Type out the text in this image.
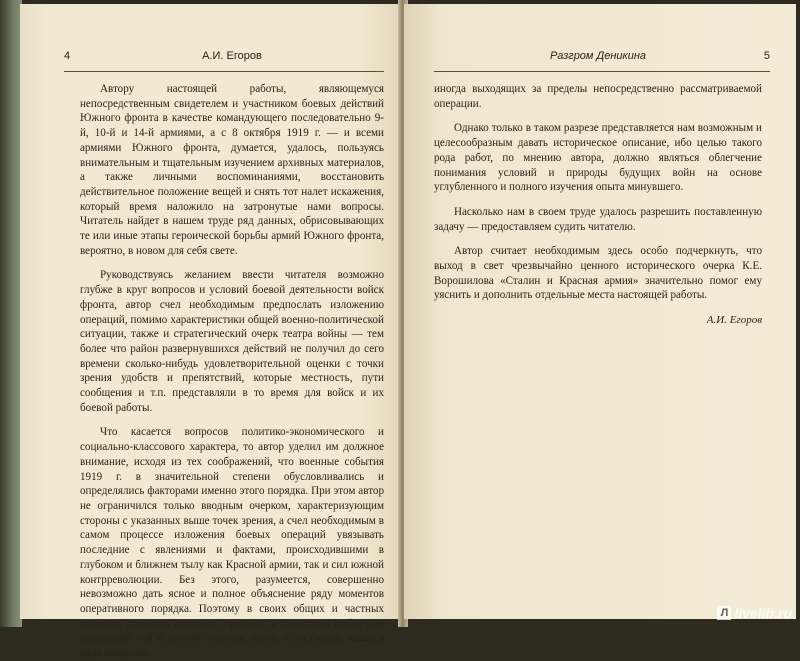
4	А.И. Егоров

Автору настоящей работы, являющемуся непосредственным свидетелем и участником боевых действий Южного фронта в качестве командующего последовательно 9-й, 10-й и 14-й армиями, а с 8 октября 1919 г. — и всеми армиями Южного фронта, думается, удалось, пользуясь внимательным и тщательным изучением архивных материалов, а также личными воспоминаниями, восстановить действительное положение вещей и снять тот налет искажения, который время наложило на затронутые нами вопросы. Читатель найдет в нашем труде ряд данных, обрисовывающих те или иные этапы героической борьбы армий Южного фронта, вероятно, в новом для себя свете.

Руководствуясь желанием ввести читателя возможно глубже в круг вопросов и условий боевой деятельности войск фронта, автор счел необходимым предпослать изложению операций, помимо характеристики общей военно-политической ситуации, также и стратегический очерк театра войны — тем более что район развернувшихся действий не получил до сего времени сколько-нибудь удовлетворительной оценки с точки зрения удобств и препятствий, которые местность, пути сообщения и т.п. представляли в то время для войск и их боевой работы.

Что касается вопросов политико-экономического и социально-классового характера, то автор уделил им должное внимание, исходя из тех соображений, что военные события 1919 г. в значительной степени обусловливались и определялись факторами именно этого порядка. При этом автор не ограничился только вводным очерком, характеризующим стороны с указанных выше точек зрения, а счел необходимым в самом процессе изложения боевых операций увязывать последние с явлениями и фактами, происходившими в глубоком и ближнем тылу как Красной армии, так и сил южной контрреволюции. Без этого, разумеется, совершенно невозможно дать ясное и полное объяснение ряду моментов оперативного порядка. Поэтому в своих общих и частных выводах, стремясь выяснить причины и следствия побед или поражений той и другой стороны, автор, естественно, касался ряда вопросов,

Разгром Деникина	5

иногда выходящих за пределы непосредственно рассматриваемой операции.

Однако только в таком разрезе представляется нам возможным и целесообразным давать историческое описание, ибо целью такого рода работ, по мнению автора, должно являться облегчение понимания условий и природы будущих войн на основе углубленного и полного изучения опыта минувшего.

Насколько нам в своем труде удалось разрешить поставленную задачу — предоставляем судить читателю.

Автор считает необходимым здесь особо подчеркнуть, что выход в свет чрезвычайно ценного исторического очерка К.Е. Ворошилова «Сталин и Красная армия» значительно помог ему уяснить и дополнить отдельные места настоящей работы.

А.И. Егоров
Л livelib.ru
